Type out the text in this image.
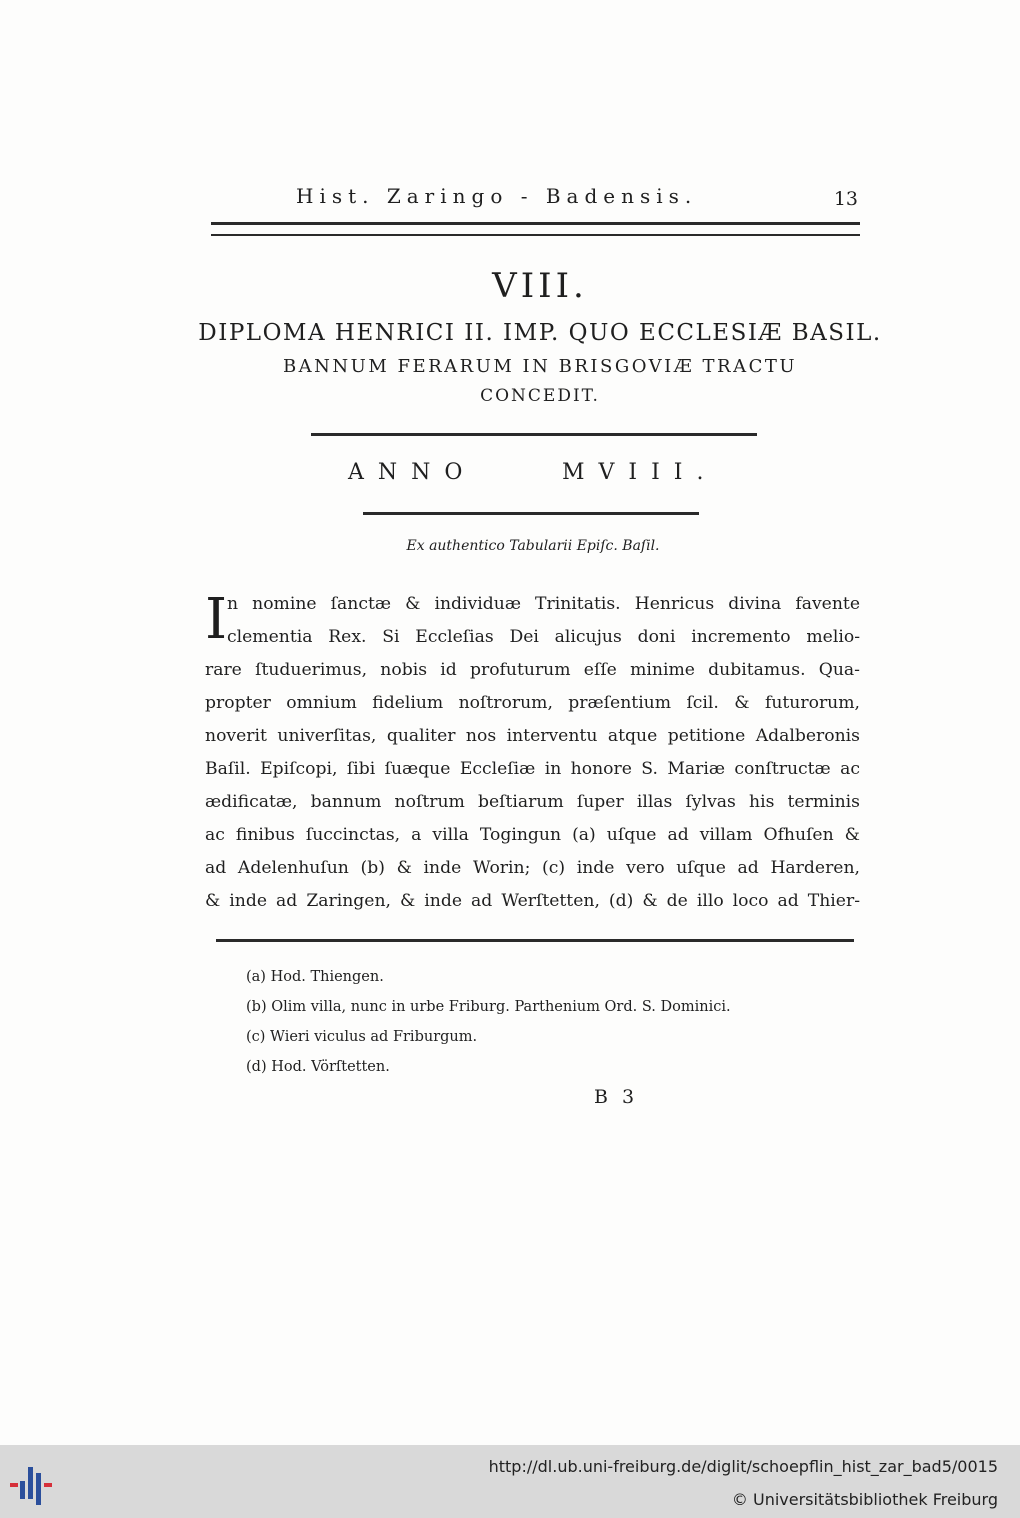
Hist. Zaringo - Badensis.	13
VIII.
DIPLOMA HENRICI II. IMP. QUO ECCLESIÆ BASIL.
BANNUM FERARUM IN BRISGOVIÆ TRACTU
CONCEDIT.
ANNO	MVIII.
Ex authentico Tabularii Epiſc. Baſil.
I n nomine ſanctæ & individuæ Trinitatis. Henricus divina favente
clementia Rex. Si Eccleſias Dei alicujus doni incremento melio-
rare ſtuduerimus, nobis id profuturum eſſe minime dubitamus. Qua-
propter omnium fidelium noſtrorum, præſentium ſcil. & futurorum,
noverit univerſitas, qualiter nos interventu atque petitione Adalberonis
Baſil. Epiſcopi, ſibi ſuæque Eccleſiæ in honore S. Mariæ conſtructæ ac
ædificatæ, bannum noſtrum beſtiarum ſuper illas ſylvas his terminis
ac finibus ſuccinctas, a villa Togingun (a) uſque ad villam Ofhuſen &
ad Adelenhuſun (b) & inde Worin; (c) inde vero uſque ad Harderen,
& inde ad Zaringen, & inde ad Werſtetten, (d) & de illo loco ad Thier-
(a) Hod. Thiengen.
(b) Olim villa, nunc in urbe Friburg. Parthenium Ord. S. Dominici.
(c) Wieri viculus ad Friburgum.
(d) Hod. Vörſtetten.
B 3
http://dl.ub.uni-freiburg.de/diglit/schoepflin_hist_zar_bad5/0015
© Universitätsbibliothek Freiburg
